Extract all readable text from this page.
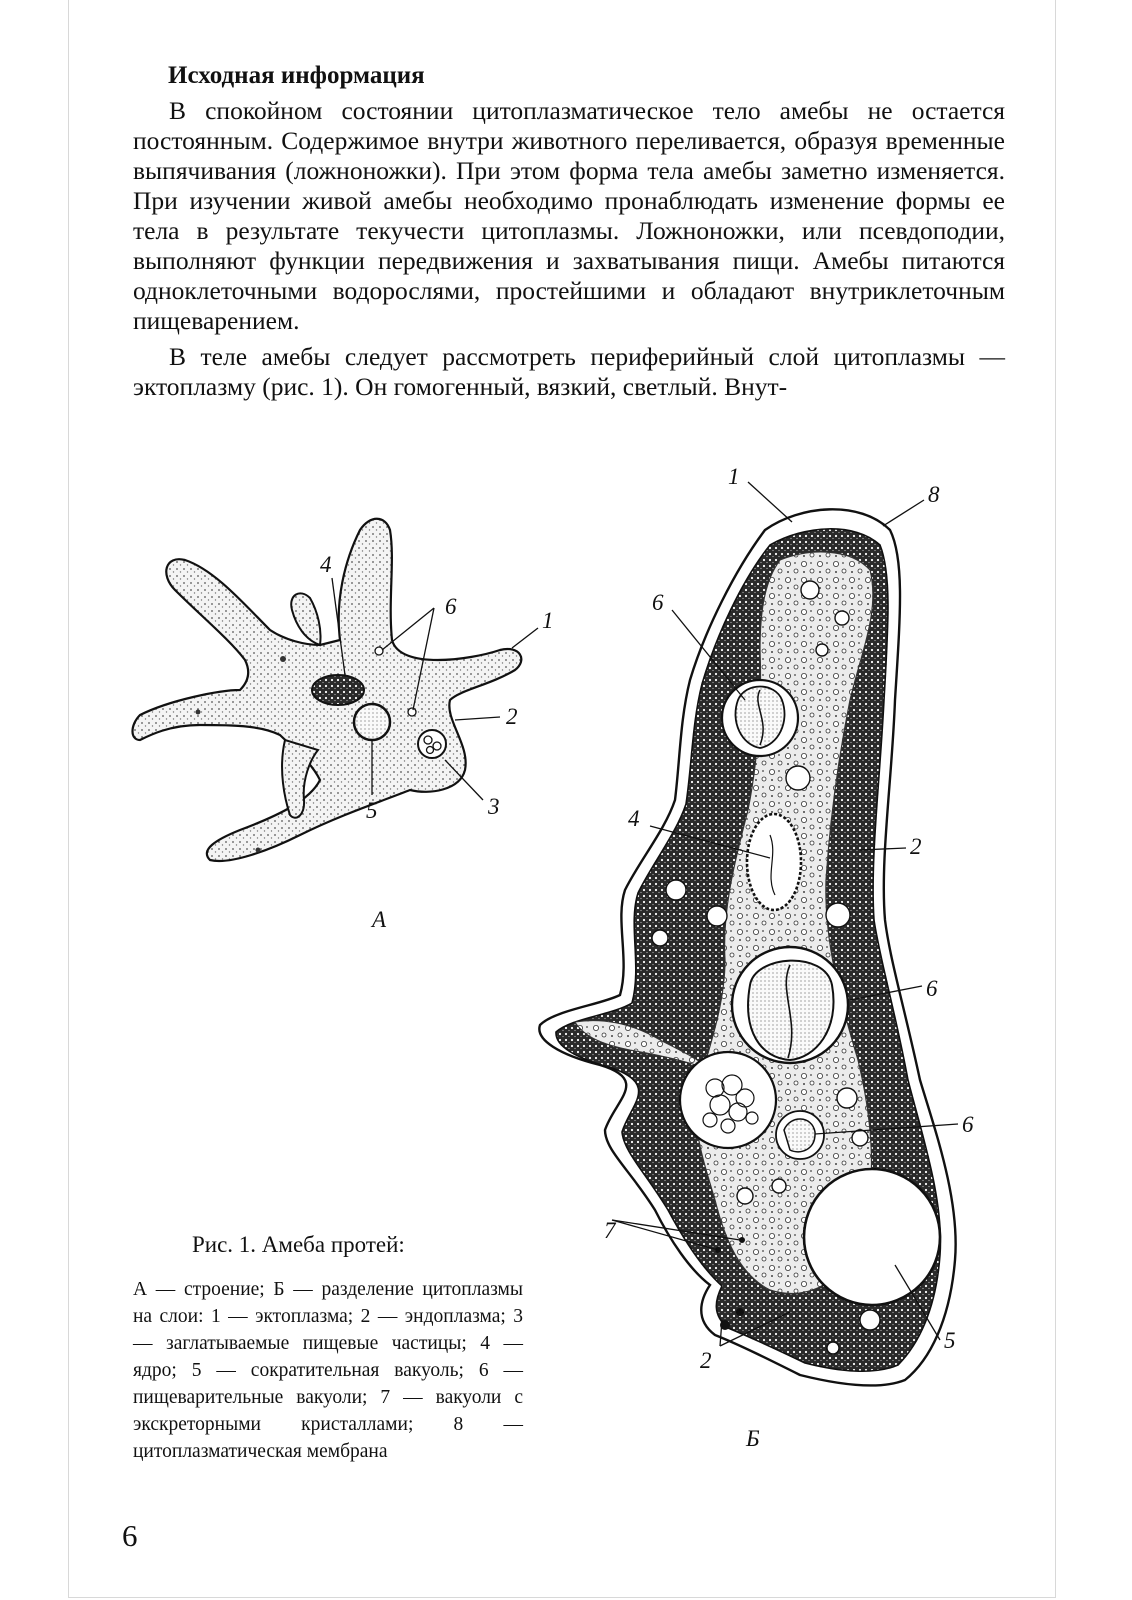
Исходная информация

В спокойном состоянии цитоплазматическое тело амебы не остается постоянным. Содержимое внутри животного переливается, образуя временные выпячивания (ложноножки). При этом форма тела амебы заметно изменяется. При изучении живой амебы необходимо пронаблюдать изменение формы ее тела в результате текучести цитоплазмы. Ложноножки, или псевдоподии, выполняют функции передвижения и захватывания пищи. Амебы питаются одноклеточными водорослями, простейшими и обладают внутриклеточным пищеварением.

В теле амебы следует рассмотреть периферийный слой цитоплазмы — эктоплазму (рис. 1). Он гомогенный, вязкий, светлый. Внут-

4
6
1
2
3
5
А
1
8
6
4
2
6
6
7
5
2
Б
Рис. 1. Амеба протей:
А — строение; Б — разделение цитоплазмы на слои: 1 — эктоплазма; 2 — эндоплазма; 3 — заглатываемые пищевые частицы; 4 — ядро; 5 — сократительная вакуоль; 6 — пищеварительные вакуоли; 7 — вакуоли с экскреторными кристаллами; 8 — цитоплазматическая мембрана
6
